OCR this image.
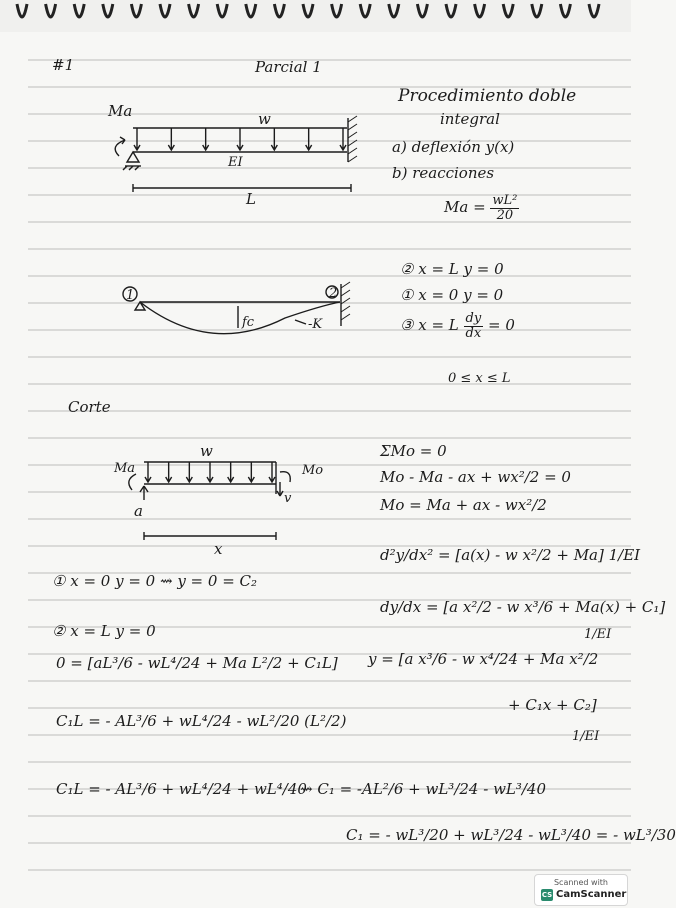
#1	Parcial 1
Procedimiento doble
integral
a) deflexión y(x)
b) reacciones
$Ma = \frac{\text{wL²}}{20}$
Ma	w
EI
L
1	2
fc	-K
② x = L y = 0
① x = 0 y = 0
③ x = L $\frac{dy}{dx} = 0$
0 ≤ x ≤ L
Corte
w
Ma	Mo
v
a
x
ΣMo = 0
Mo - Ma - ax + wx²/2 = 0
Mo = Ma + ax - wx²/2
d²y/dx² = [a(x) - w x²/2 + Ma] 1/EI
dy/dx = [a x²/2 - w x³/6 + Ma(x) + C₁]
1/EI
y = [a x³/6 - w x⁴/24 + Ma x²/2
+ C₁x + C₂]
1/EI
① x = 0 y = 0 ⇝ y = 0 = C₂
② x = L y = 0
0 = [aL³/6 - wL⁴/24 + Ma L²/2 + C₁L]
C₁L = - AL³/6 + wL⁴/24 - wL²/20 (L²/2)
C₁L = - AL³/6 + wL⁴/24 + wL⁴/40
⇝ C₁ = -AL²/6 + wL³/24 - wL³/40
C₁ = - wL³/20 + wL³/24 - wL³/40 = - wL³/30
Scanned with
CS CamScanner
